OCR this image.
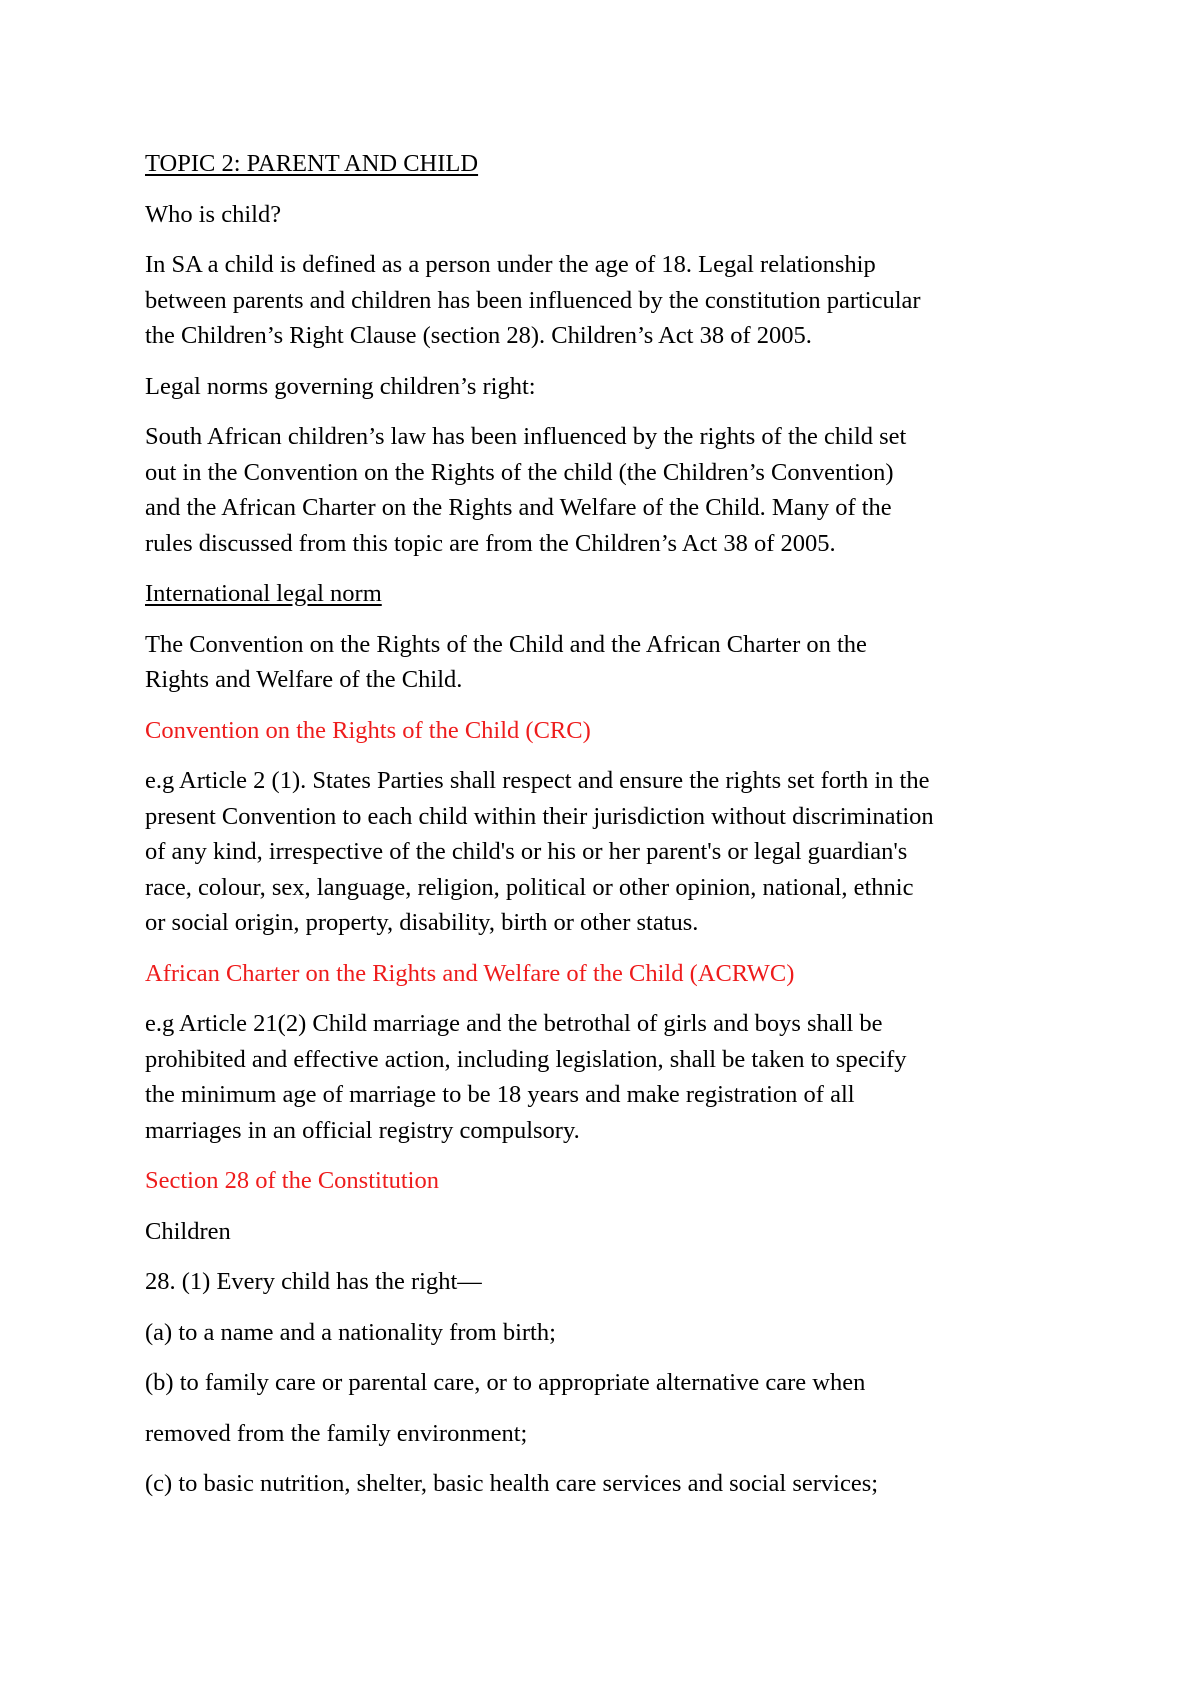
TOPIC 2: PARENT AND CHILD

Who is child?

In SA a child is defined as a person under the age of 18. Legal relationship
between parents and children has been influenced by the constitution particular
the Children’s Right Clause (section 28). Children’s Act 38 of 2005.

Legal norms governing children’s right:

South African children’s law has been influenced by the rights of the child set
out in the Convention on the Rights of the child (the Children’s Convention)
and the African Charter on the Rights and Welfare of the Child. Many of the
rules discussed from this topic are from the Children’s Act 38 of 2005.

International legal norm

The Convention on the Rights of the Child and the African Charter on the
Rights and Welfare of the Child.

Convention on the Rights of the Child (CRC)

e.g Article 2 (1). States Parties shall respect and ensure the rights set forth in the
present Convention to each child within their jurisdiction without discrimination
of any kind, irrespective of the child's or his or her parent's or legal guardian's
race, colour, sex, language, religion, political or other opinion, national, ethnic
or social origin, property, disability, birth or other status.

African Charter on the Rights and Welfare of the Child (ACRWC)

e.g Article 21(2) Child marriage and the betrothal of girls and boys shall be
prohibited and effective action, including legislation, shall be taken to specify
the minimum age of marriage to be 18 years and make registration of all
marriages in an official registry compulsory.

Section 28 of the Constitution

Children

28. (1) Every child has the right—

(a) to a name and a nationality from birth;

(b) to family care or parental care, or to appropriate alternative care when

removed from the family environment;

(c) to basic nutrition, shelter, basic health care services and social services;
